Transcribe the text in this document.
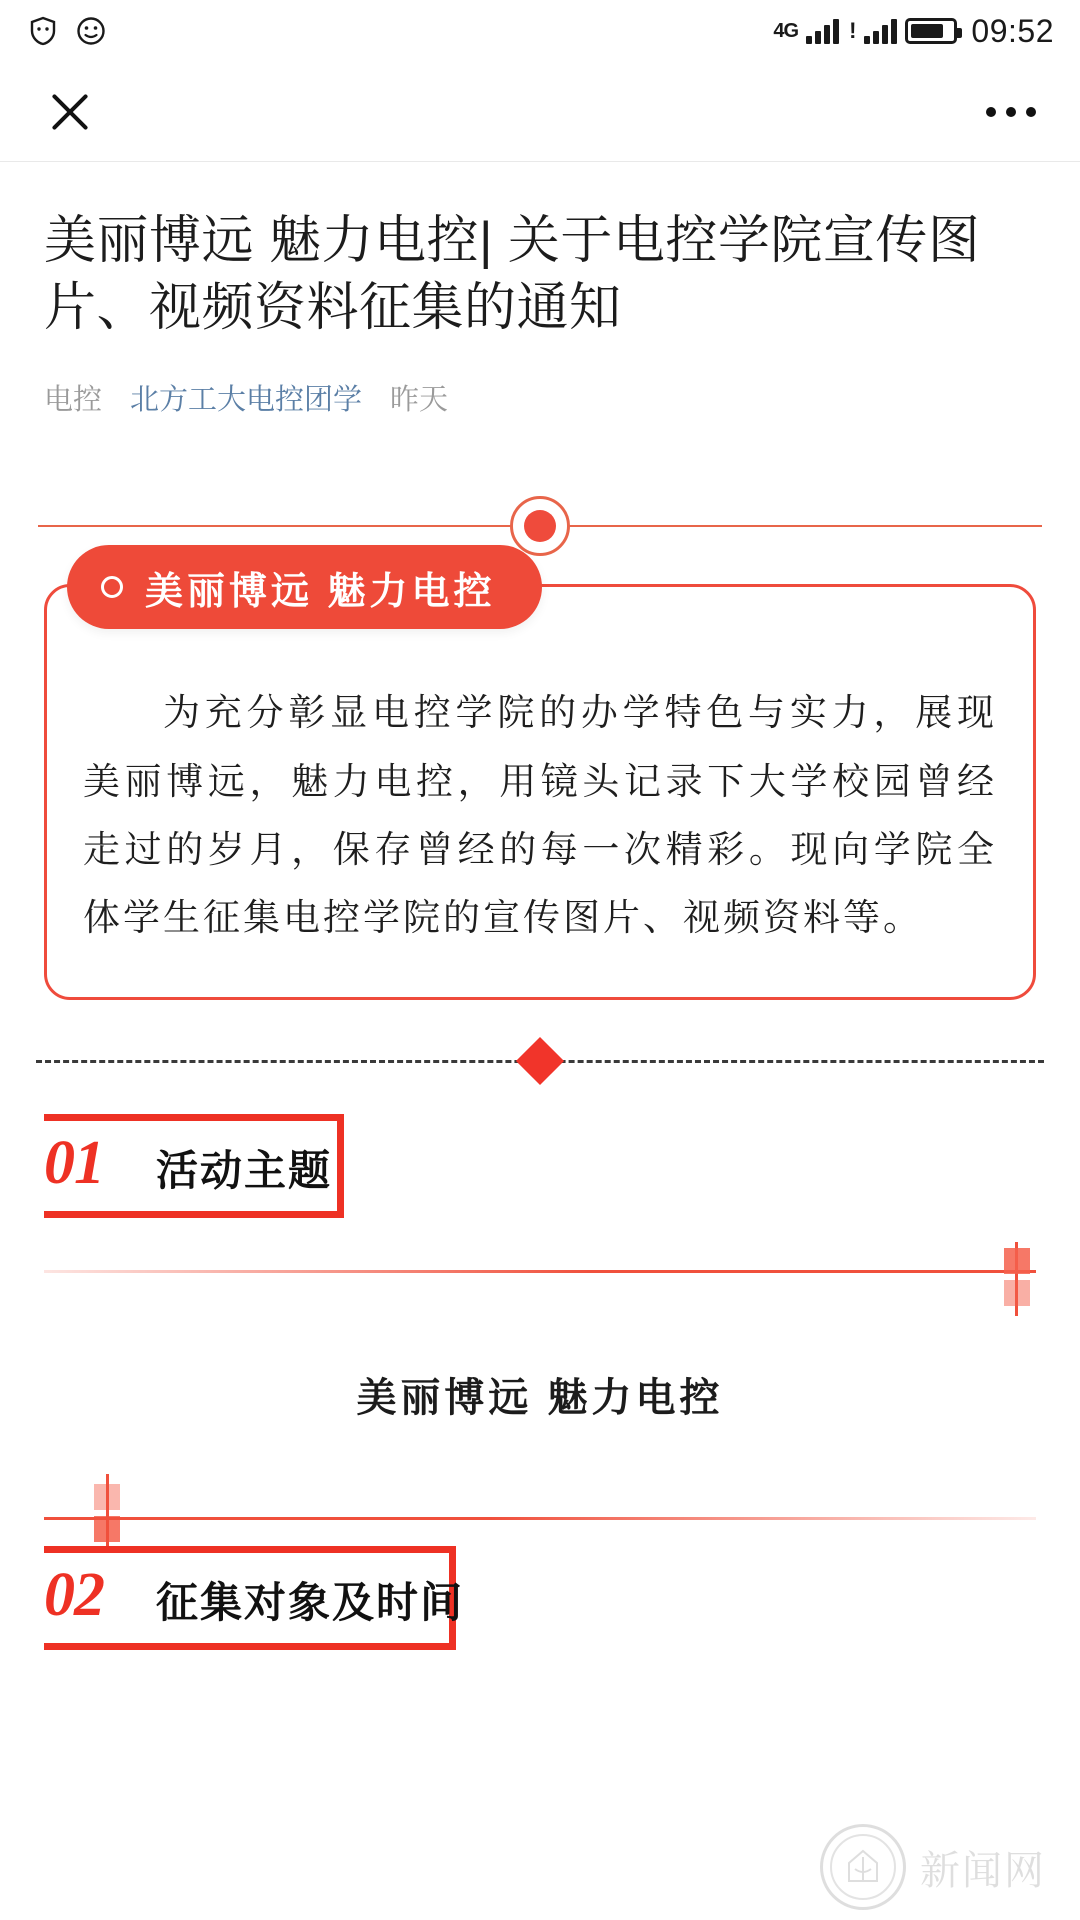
4G !	09:52
美丽博远 魅力电控| 关于电控学院宣传图片、视频资料征集的通知
电控 北方工大电控团学 昨天
美丽博远 魅力电控
为充分彰显电控学院的办学特色与实力，展现美丽博远，魅力电控，用镜头记录下大学校园曾经走过的岁月，保存曾经的每一次精彩。现向学院全体学生征集电控学院的宣传图片、视频资料等。
01	活动主题
美丽博远 魅力电控
02	征集对象及时间
新闻网
